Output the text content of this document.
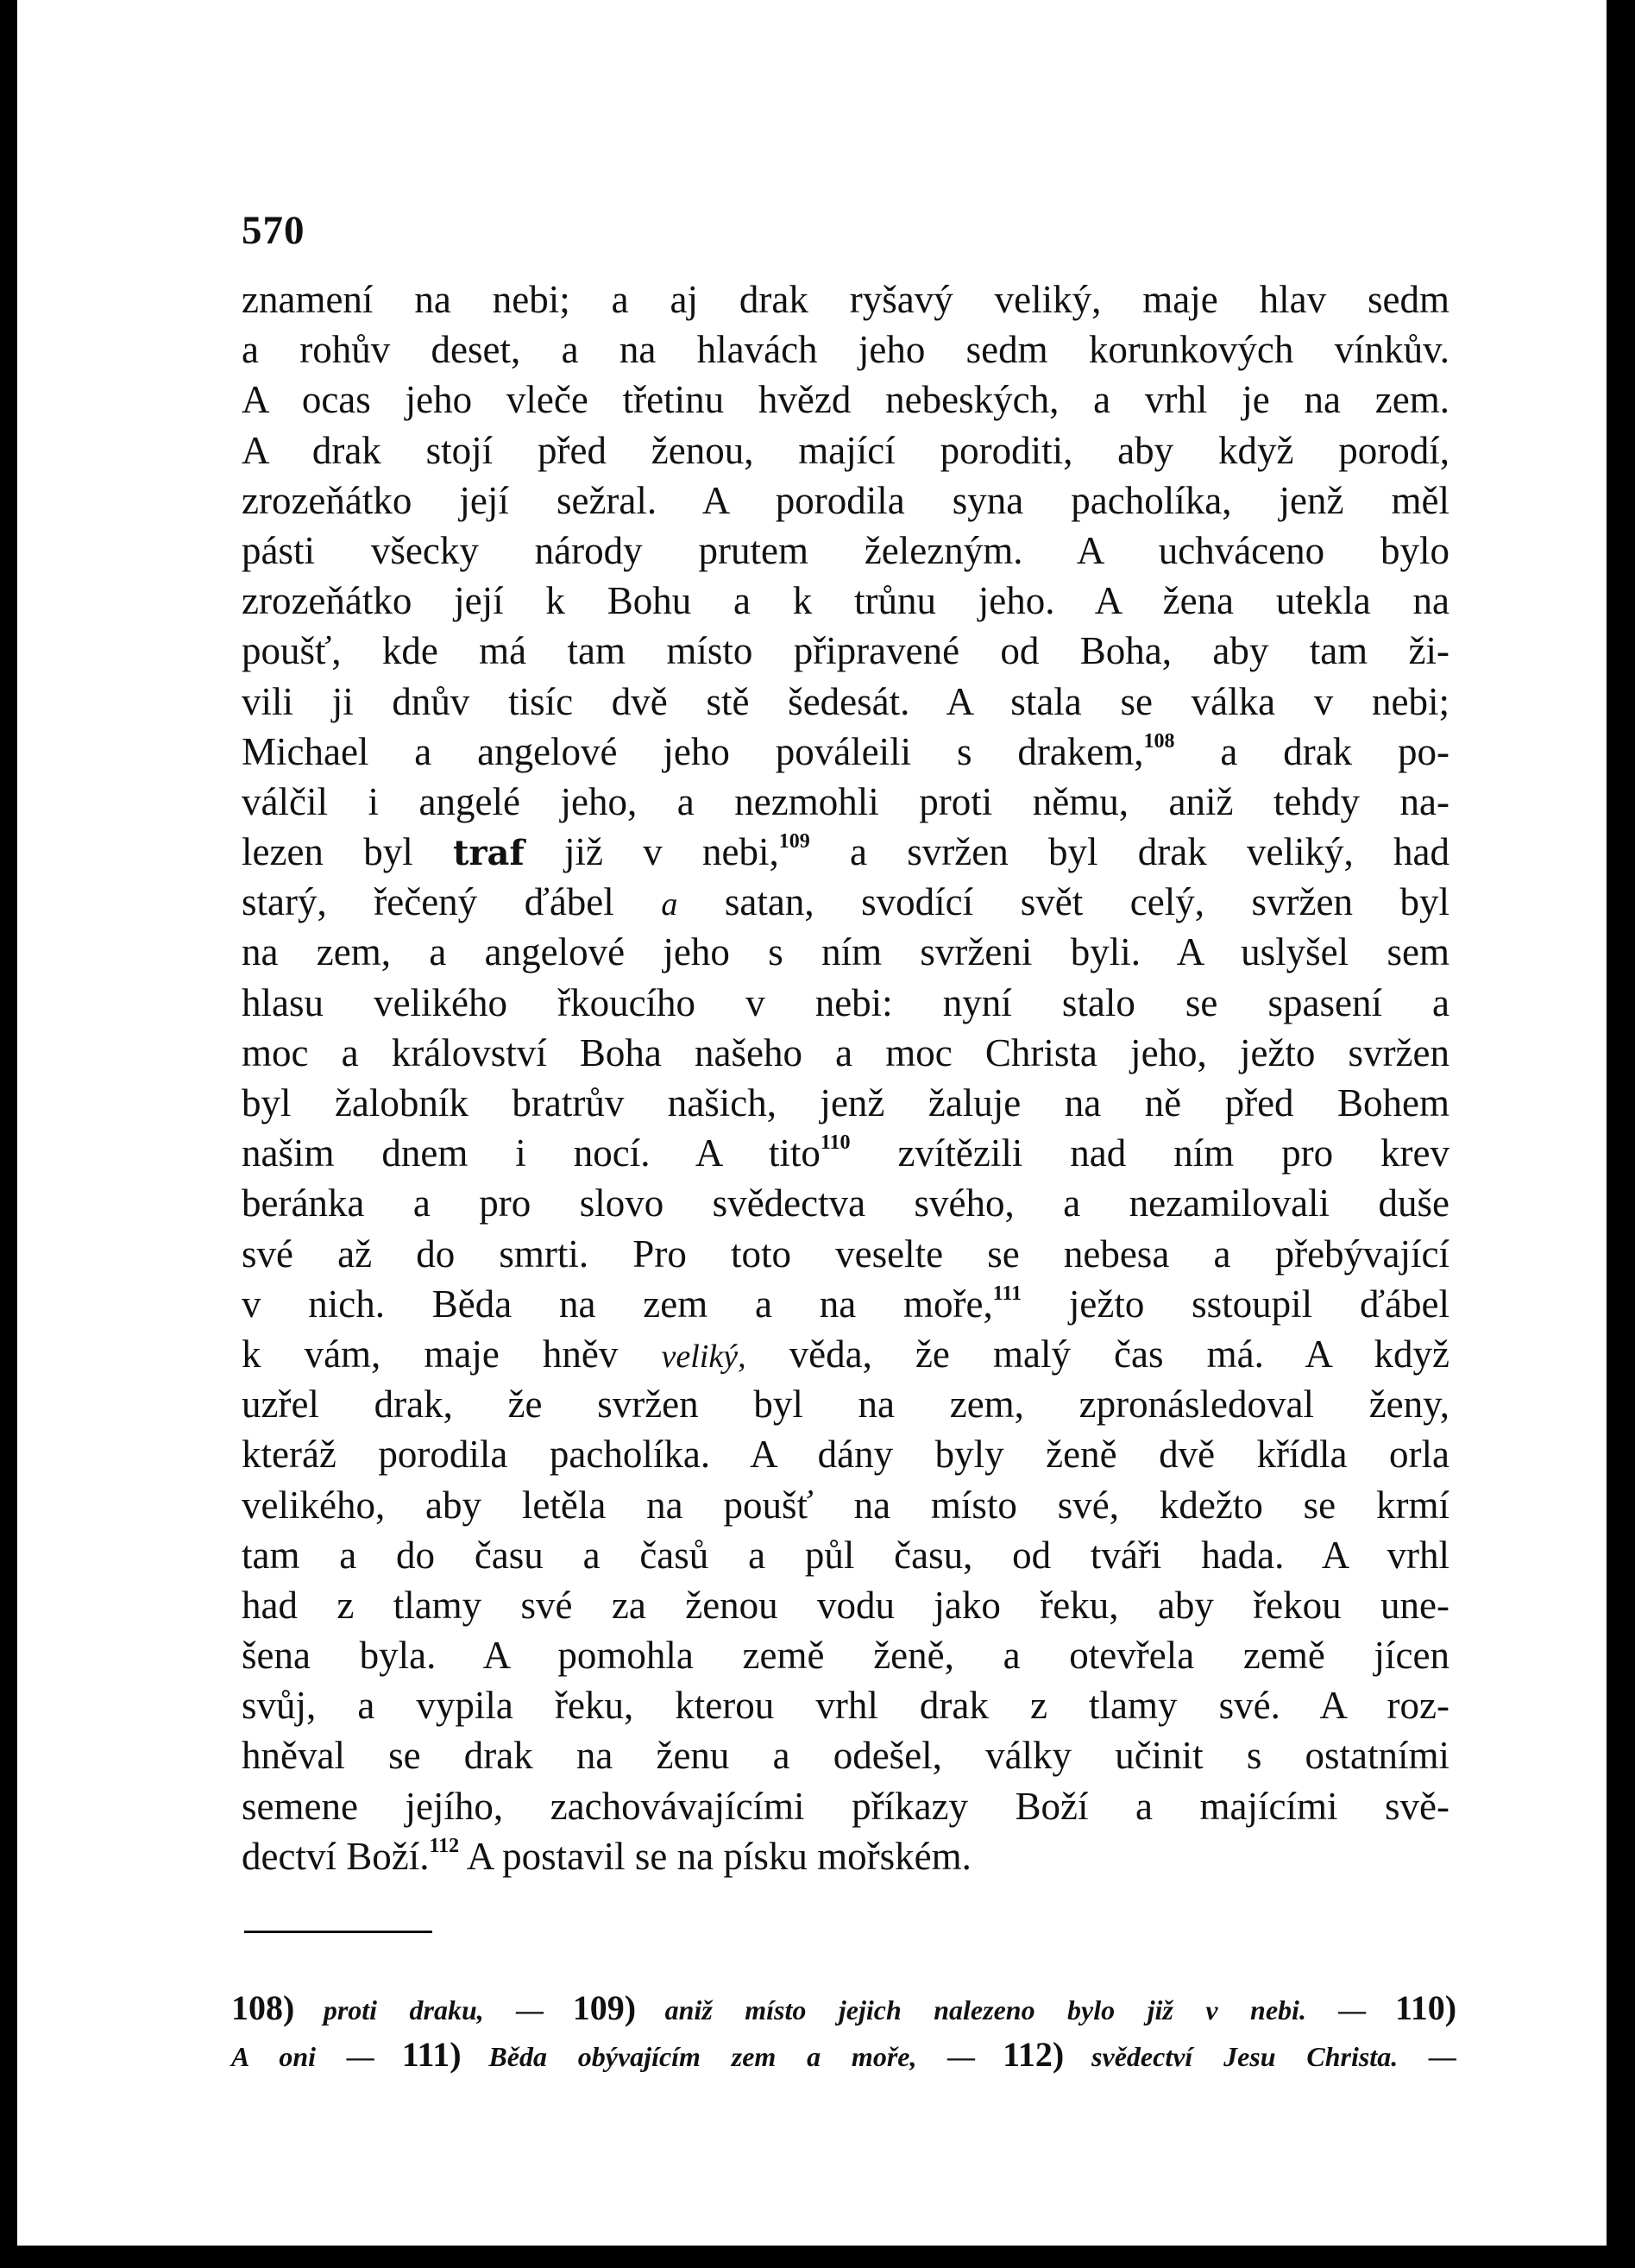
570
znamení na nebi; a aj drak ryšavý veliký, maje hlav sedm
a rohův deset, a na hlavách jeho sedm korunkových vínkův.
A ocas jeho vleče třetinu hvězd nebeských, a vrhl je na zem.
A drak stojí před ženou, mající poroditi, aby když porodí,
zrozeňátko její sežral. A porodila syna pacholíka, jenž měl
pásti všecky národy prutem železným. A uchváceno bylo
zrozeňátko její k Bohu a k trůnu jeho. A žena utekla na
poušť, kde má tam místo připravené od Boha, aby tam ži-
vili ji dnův tisíc dvě stě šedesát. A stala se válka v nebi;
Michael a angelové jeho pováleili s drakem,$^{108}$ a drak po-
válčil i angelé jeho, a nezmohli proti němu, aniž tehdy na-
lezen byl traf již v nebi,$^{109}$ a svržen byl drak veliký, had
starý, řečený ďábel a satan, svodící svět celý, svržen byl
na zem, a angelové jeho s ním svrženi byli. A uslyšel sem
hlasu velikého řkoucího v nebi: nyní stalo se spasení a
moc a království Boha našeho a moc Christa jeho, ježto svržen
byl žalobník bratrův našich, jenž žaluje na ně před Bohem
našim dnem i nocí. A tito$^{110}$ zvítězili nad ním pro krev
beránka a pro slovo svědectva svého, a nezamilovali duše
své až do smrti. Pro toto veselte se nebesa a přebývající
v nich. Běda na zem a na moře,$^{111}$ ježto sstoupil ďábel
k vám, maje hněv veliký, věda, že malý čas má. A když
uzřel drak, že svržen byl na zem, zpronásledoval ženy,
kteráž porodila pacholíka. A dány byly ženě dvě křídla orla
velikého, aby letěla na poušť na místo své, kdežto se krmí
tam a do času a časů a půl času, od tváři hada. A vrhl
had z tlamy své za ženou vodu jako řeku, aby řekou une-
šena byla. A pomohla země ženě, a otevřela země jícen
svůj, a vypila řeku, kterou vrhl drak z tlamy své. A roz-
hněval se drak na ženu a odešel, války učinit s ostatními
semene jejího, zachovávajícími příkazy Boží a majícími svě-
dectví Boží.$^{112}$ A postavil se na písku mořském.
108) proti draku, — 109) aniž místo jejich nalezeno bylo již v nebi. — 110)
A oni — 111) Běda obývajícím zem a moře, — 112) svědectví Jesu Christa. —
